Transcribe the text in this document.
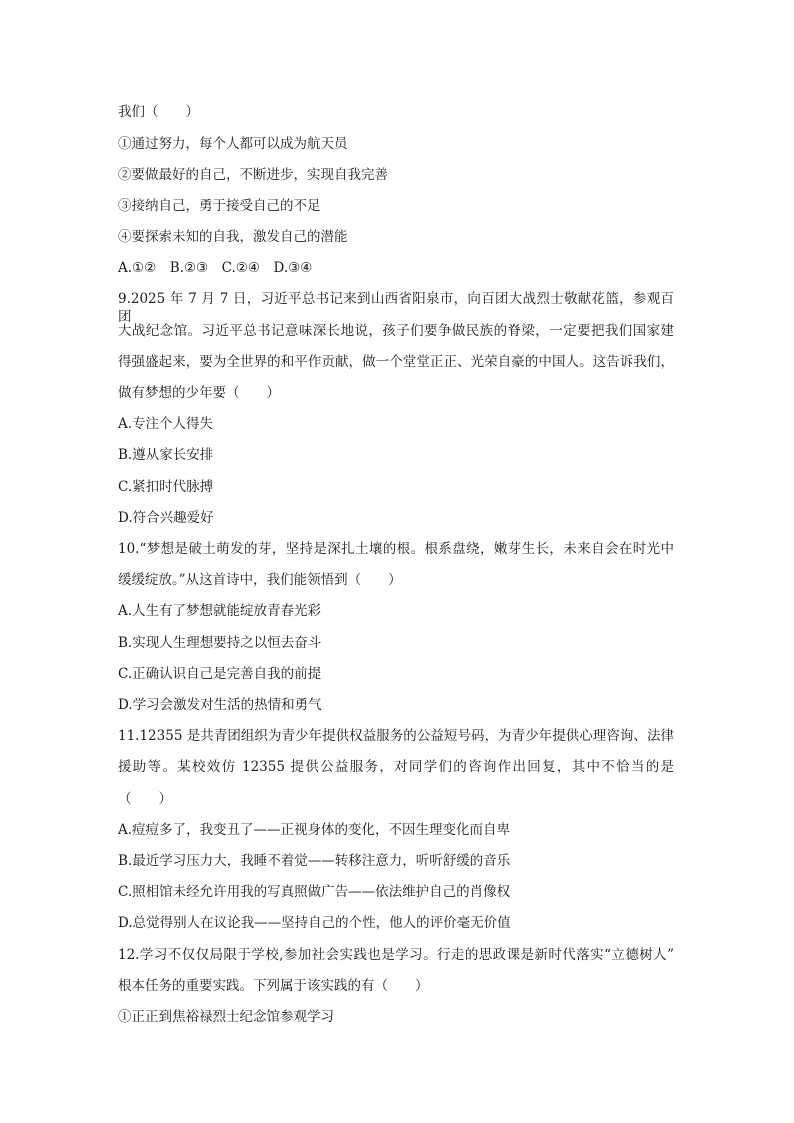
我们（　　）

①通过努力，每个人都可以成为航天员

②要做最好的自己，不断进步，实现自我完善

③接纳自己，勇于接受自己的不足

④要探索未知的自我，激发自己的潜能

A.①②　B.②③　C.②④　D.③④

9.2025 年 7 月 7 日，习近平总书记来到山西省阳泉市，向百团大战烈士敬献花篮，参观百团

大战纪念馆。习近平总书记意味深长地说，孩子们要争做民族的脊梁，一定要把我们国家建

得强盛起来，要为全世界的和平作贡献，做一个堂堂正正、光荣自豪的中国人。这告诉我们，

做有梦想的少年要（　　）

A.专注个人得失

B.遵从家长安排

C.紧扣时代脉搏

D.符合兴趣爱好

10.“梦想是破土萌发的芽，坚持是深扎土壤的根。根系盘绕，嫩芽生长，未来自会在时光中

缓缓绽放。”从这首诗中，我们能领悟到（　　）

A.人生有了梦想就能绽放青春光彩

B.实现人生理想要持之以恒去奋斗

C.正确认识自己是完善自我的前提

D.学习会激发对生活的热情和勇气

11.12355 是共青团组织为青少年提供权益服务的公益短号码，为青少年提供心理咨询、法律

援助等。某校效仿 12355 提供公益服务，对同学们的咨询作出回复，其中不恰当的是

（　　）

A.痘痘多了，我变丑了——正视身体的变化，不因生理变化而自卑

B.最近学习压力大，我睡不着觉——转移注意力，听听舒缓的音乐

C.照相馆未经允许用我的写真照做广告——依法维护自己的肖像权

D.总觉得别人在议论我——坚持自己的个性，他人的评价毫无价值

12.学习不仅仅局限于学校,参加社会实践也是学习。行走的思政课是新时代落实“立德树人”

根本任务的重要实践。下列属于该实践的有（　　）

①正正到焦裕禄烈士纪念馆参观学习
